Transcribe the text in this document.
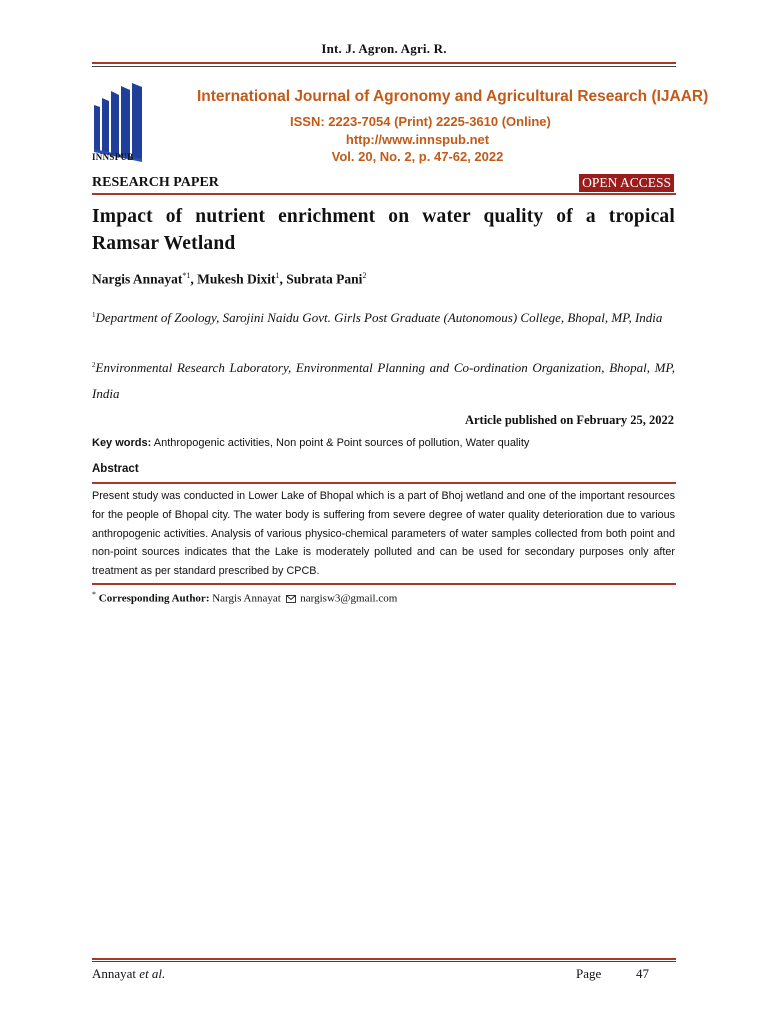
Int. J. Agron. Agri. R.
INNSPUB
International Journal of Agronomy and Agricultural Research (IJAAR)
ISSN: 2223-7054 (Print) 2225-3610 (Online)
http://www.innspub.net
Vol. 20, No. 2, p. 47-62, 2022
RESEARCH PAPER	OPEN ACCESS
Impact of nutrient enrichment on water quality of a tropical Ramsar Wetland
Nargis Annayat$^{*1}$, Mukesh Dixit$^1$, Subrata Pani$^2$
$^1$Department of Zoology, Sarojini Naidu Govt. Girls Post Graduate (Autonomous) College, Bhopal, MP, India
$^2$Environmental Research Laboratory, Environmental Planning and Co-ordination Organization, Bhopal, MP, India
Article published on February 25, 2022
Key words: Anthropogenic activities, Non point & Point sources of pollution, Water quality
Abstract
Present study was conducted in Lower Lake of Bhopal which is a part of Bhoj wetland and one of the important resources for the people of Bhopal city. The water body is suffering from severe degree of water quality deterioration due to various anthropogenic activities. Analysis of various physico-chemical parameters of water samples collected from both point and non-point sources indicates that the Lake is moderately polluted and can be used for secondary purposes only after treatment as per standard prescribed by CPCB.
* Corresponding Author: Nargis Annayat nargisw3@gmail.com
Annayat et al.	Page	47
